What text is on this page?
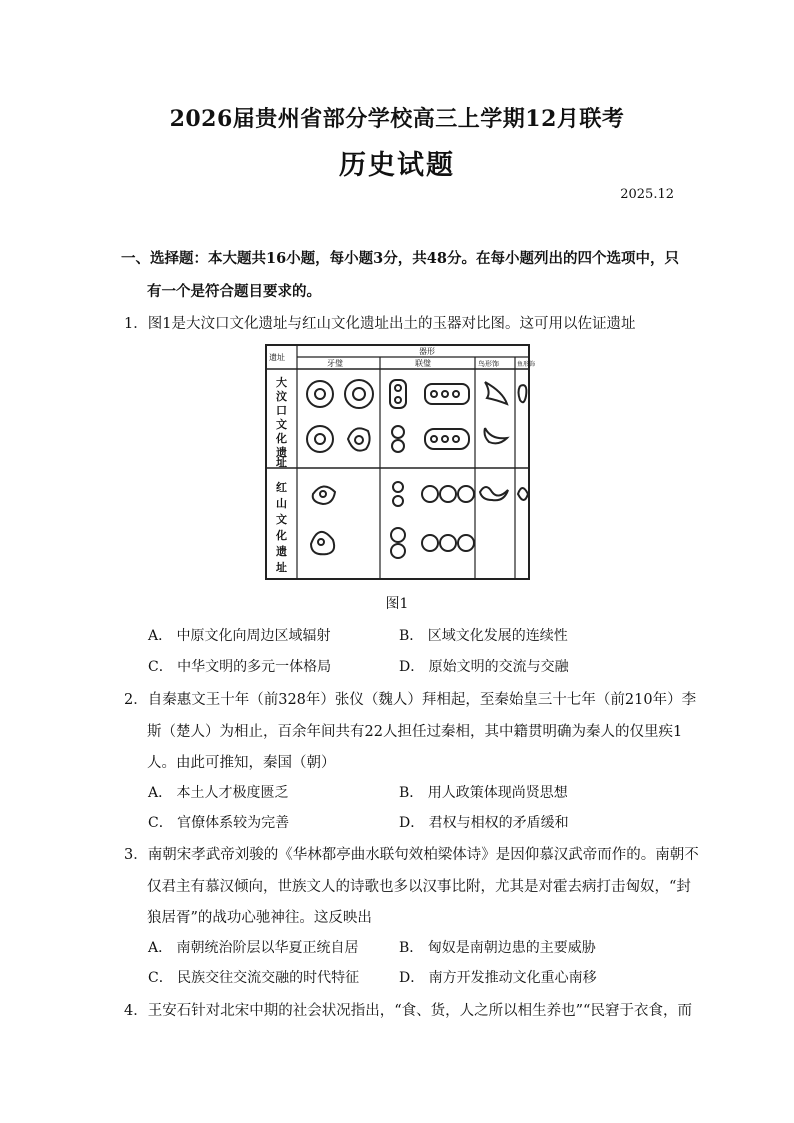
2026届贵州省部分学校高三上学期12月联考
历史试题
2025.12
一、选择题：本大题共16小题，每小题3分，共48分。在每小题列出的四个选项中，只
有一个是符合题目要求的。
1．图1是大汶口文化遗址与红山文化遗址出土的玉器对比图。这可用以佐证遗址
遗址
器形
牙璧	联璧	鸟形饰	鱼形饰
大
汶
口
文
化
遗
址
红
山
文
化
遗
址
图1
A． 中原文化向周边区域辐射	B． 区域文化发展的连续性
C． 中华文明的多元一体格局	D． 原始文明的交流与交融
2．自秦惠文王十年（前328年）张仪（魏人）拜相起，至秦始皇三十七年（前210年）李
斯（楚人）为相止，百余年间共有22人担任过秦相，其中籍贯明确为秦人的仅里疾1
人。由此可推知，秦国（朝）
A． 本土人才极度匮乏	B． 用人政策体现尚贤思想
C． 官僚体系较为完善	D． 君权与相权的矛盾缓和
3．南朝宋孝武帝刘骏的《华林都亭曲水联句效柏梁体诗》是因仰慕汉武帝而作的。南朝不
仅君主有慕汉倾向，世族文人的诗歌也多以汉事比附，尤其是对霍去病打击匈奴，“封
狼居胥”的战功心驰神往。这反映出
A． 南朝统治阶层以华夏正统自居	B． 匈奴是南朝边患的主要威胁
C． 民族交往交流交融的时代特征	D． 南方开发推动文化重心南移
4．王安石针对北宋中期的社会状况指出，“食、货，人之所以相生养也”“民窘于衣食，而
